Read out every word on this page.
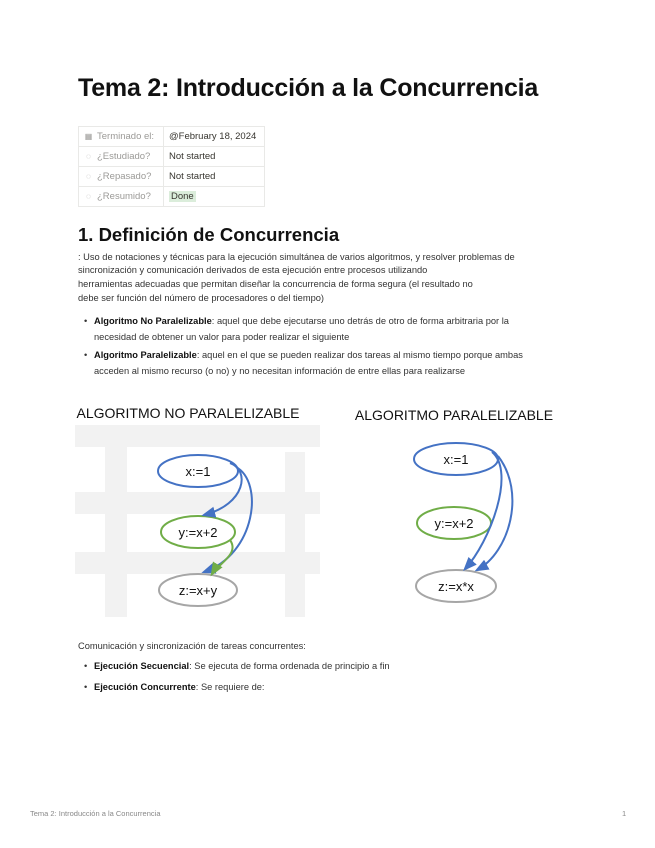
Tema 2: Introducción a la Concurrencia
▦ Terminado el:	@February 18, 2024
◌ ¿Estudiado?	Not started
◌ ¿Repasado?	Not started
◌ ¿Resumido?	Done
1. Definición de Concurrencia
: Uso de notaciones y técnicas para la ejecución simultánea de varios algoritmos, y resolver problemas de
sincronización y comunicación derivados de esta ejecución entre procesos utilizando
herramientas adecuadas que permitan diseñar la concurrencia de forma segura (el resultado no
debe ser función del número de procesadores o del tiempo)
• Algoritmo No Paralelizable: aquel que debe ejecutarse uno detrás de otro de forma arbitraria por la
necesidad de obtener un valor para poder realizar el siguiente
• Algoritmo Paralelizable: aquel en el que se pueden realizar dos tareas al mismo tiempo porque ambas
acceden al mismo recurso (o no) y no necesitan información de entre ellas para realizarse
ALGORITMO NO PARALELIZABLE	ALGORITMO PARALELIZABLE
x:=1
y:=x+2
z:=x+y
x:=1
y:=x+2
z:=x*x
Comunicación y sincronización de tareas concurrentes:
• Ejecución Secuencial: Se ejecuta de forma ordenada de principio a fin
• Ejecución Concurrente: Se requiere de:
Tema 2: Introducción a la Concurrencia	1
